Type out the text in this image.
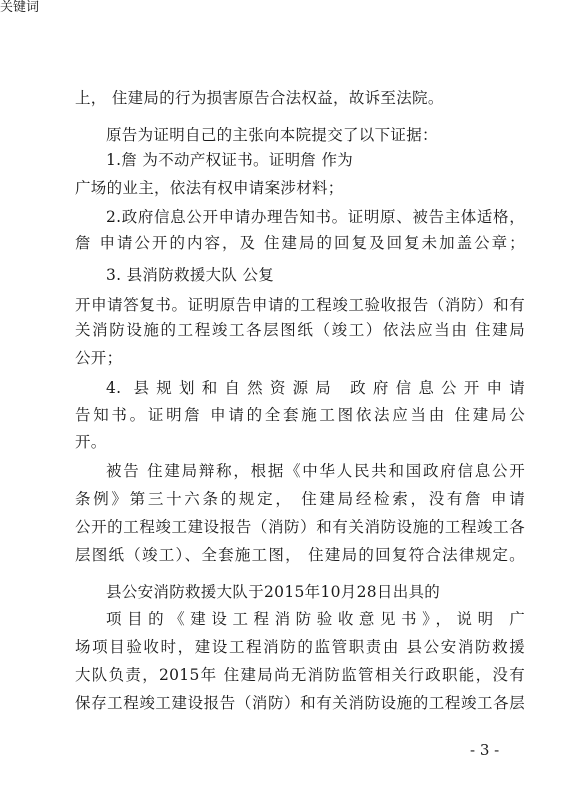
关键词
上， 住建局的行为损害原告合法权益，故诉至法院。
原告为证明自己的主张向本院提交了以下证据：
1.詹 为不动产权证书。证明詹 作为
广场的业主，依法有权申请案涉材料；
2.政府信息公开申请办理告知书。证明原、被告主体适格，
詹 申请公开的内容，及 住建局的回复及回复未加盖公章；
3. 县消防救援大队 公复
开申请答复书。证明原告申请的工程竣工验收报告（消防）和有
关消防设施的工程竣工各层图纸（竣工）依法应当由 住建局
公开；
4. 县规划和自然资源局 政府信息公开申请
告知书。证明詹 申请的全套施工图依法应当由 住建局公
开。
被告 住建局辩称，根据《中华人民共和国政府信息公开
条例》第三十六条的规定， 住建局经检索，没有詹 申请
公开的工程竣工建设报告（消防）和有关消防设施的工程竣工各
层图纸（竣工）、全套施工图， 住建局的回复符合法律规定。
县公安消防救援大队于2015年10月28日出具的
项目的《建设工程消防验收意见书》，说明 广
场项目验收时，建设工程消防的监管职责由 县公安消防救援
大队负责，2015年 住建局尚无消防监管相关行政职能，没有
保存工程竣工建设报告（消防）和有关消防设施的工程竣工各层
- 3 -
